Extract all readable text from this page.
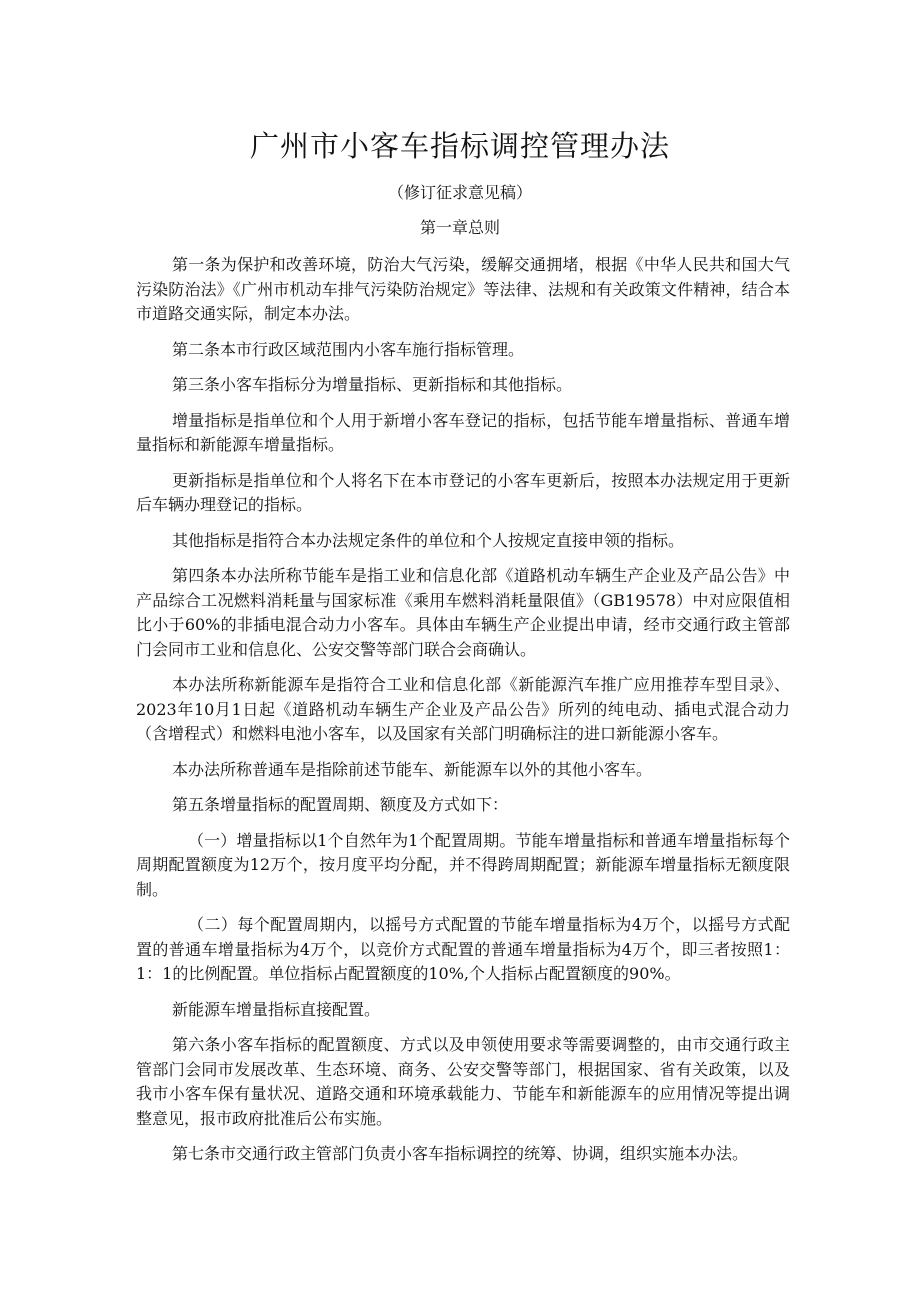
广州市小客车指标调控管理办法

（修订征求意见稿）

第一章总则

第一条为保护和改善环境，防治大气污染，缓解交通拥堵，根据《中华人民共和国大气污染防治法》《广州市机动车排气污染防治规定》等法律、法规和有关政策文件精神，结合本市道路交通实际，制定本办法。

第二条本市行政区域范围内小客车施行指标管理。

第三条小客车指标分为增量指标、更新指标和其他指标。

增量指标是指单位和个人用于新增小客车登记的指标，包括节能车增量指标、普通车增量指标和新能源车增量指标。

更新指标是指单位和个人将名下在本市登记的小客车更新后，按照本办法规定用于更新后车辆办理登记的指标。

其他指标是指符合本办法规定条件的单位和个人按规定直接申领的指标。

第四条本办法所称节能车是指工业和信息化部《道路机动车辆生产企业及产品公告》中产品综合工况燃料消耗量与国家标准《乘用车燃料消耗量限值》（GB19578）中对应限值相比小于60%的非插电混合动力小客车。具体由车辆生产企业提出申请，经市交通行政主管部门会同市工业和信息化、公安交警等部门联合会商确认。

本办法所称新能源车是指符合工业和信息化部《新能源汽车推广应用推荐车型目录》、2023年10月1日起《道路机动车辆生产企业及产品公告》所列的纯电动、插电式混合动力（含增程式）和燃料电池小客车，以及国家有关部门明确标注的进口新能源小客车。

本办法所称普通车是指除前述节能车、新能源车以外的其他小客车。

第五条增量指标的配置周期、额度及方式如下：

（一）增量指标以1个自然年为1个配置周期。节能车增量指标和普通车增量指标每个周期配置额度为12万个，按月度平均分配，并不得跨周期配置；新能源车增量指标无额度限制。

（二）每个配置周期内，以摇号方式配置的节能车增量指标为4万个，以摇号方式配置的普通车增量指标为4万个，以竞价方式配置的普通车增量指标为4万个，即三者按照1：1：1的比例配置。单位指标占配置额度的10%,个人指标占配置额度的90%。

新能源车增量指标直接配置。

第六条小客车指标的配置额度、方式以及申领使用要求等需要调整的，由市交通行政主管部门会同市发展改革、生态环境、商务、公安交警等部门，根据国家、省有关政策，以及我市小客车保有量状况、道路交通和环境承载能力、节能车和新能源车的应用情况等提出调整意见，报市政府批准后公布实施。

第七条市交通行政主管部门负责小客车指标调控的统筹、协调，组织实施本办法。
